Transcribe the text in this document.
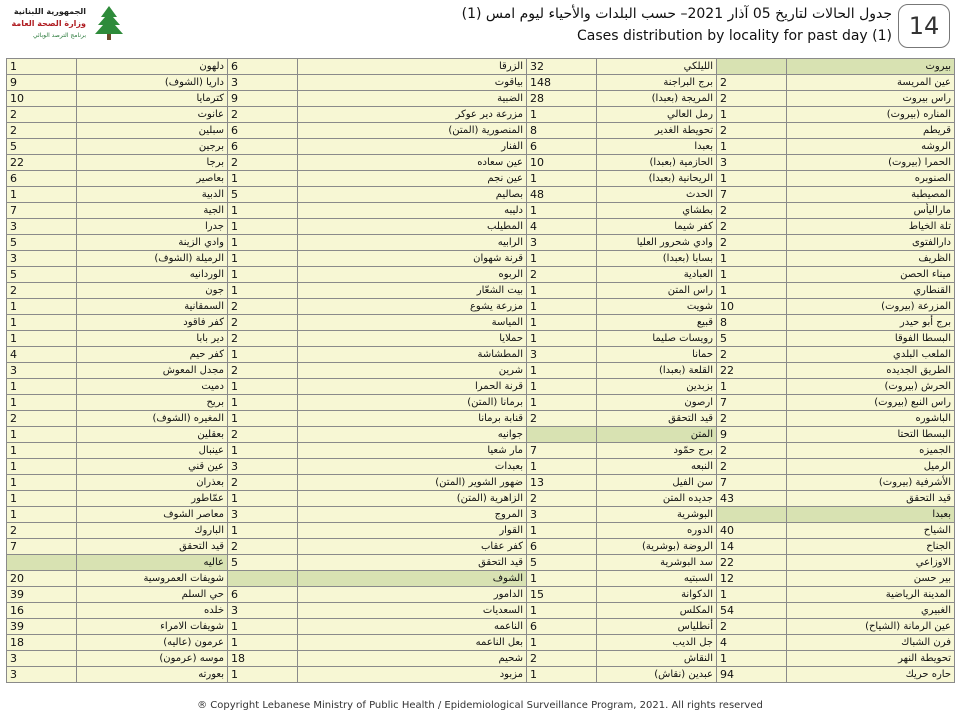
الجمهورية اللبنانية
وزارة الصحة العامة
برنامج الترصد الوبائي
جدول الحالات لتاريخ 05 آذار 2021– حسب البلدات والأحياء ليوم امس (1)
Cases distribution by locality for past day (1) 14
1	دلهون	6	الزرقا	32	الليلكي		بيروت
9	داريا (الشوف)	3	بياقوت	148	برج البراجنة	2	عين المريسة
10	كترمايا	9	الضبية	28	المريجة (بعبدا)	2	راس بيروت
2	عانوت	2	مزرعة دير عوكر	1	رمل العالي	1	المناره (بيروت)
2	سبلين	6	المنصورية (المتن)	8	تحويطة الغدير	2	قريطم
5	برجين	6	الفنار	6	بعبدا	1	الروشه
22	برجا	2	عين سعاده	10	الحازمية (بعبدا)	3	الحمرا (بيروت)
6	بعاصير	1	عين نجم	1	الريحانية (بعبدا)	1	الصنوبره
1	الدبية	5	بصاليم	48	الحدث	7	المصيطبة
7	الجية	1	دليبه	1	بطشاي	2	ماراليأس
3	جدرا	1	المطيلب	4	كفر شيما	2	تلة الخياط
5	وادي الزينة	1	الرابيه	3	وادي شحرور العليا	2	دارالفتوى
3	الرميلة (الشوف)	1	قرنة شهوان	1	بسابا (بعبدا)	1	الظريف
5	الوردانيه	1	الربوه	2	العبادية	1	ميناء الحصن
2	جون	1	بيت الشعّار	1	راس المتن	1	القنطاري
1	السمقانية	2	مزرعة يشوع	1	شويت	10	المزرعة (بيروت)
1	كفر فاقود	2	المياسة	1	قبيع	8	برج أبو حيدر
1	دير بابا	2	حملايا	1	رويسات صليما	5	البسطا الفوقا
4	كفر حيم	1	المطشاشة	3	حمانا	2	الملعب البلدي
3	مجدل المعوش	2	شرين	1	القلعة (بعبدا)	22	الطريق الجديده
1	دميت	1	قرنة الحمرا	1	بزبدين	1	الحرش (بيروت)
1	بريح	1	برمانا (المتن)	1	ارصون	7	راس النبع (بيروت)
2	المغيره (الشوف)	1	قنابة برمانا	2	قيد التحقق	2	الباشوره
1	بعقلين	2	جوانيه		المتن	9	البسطا التحتا
1	عينبال	1	مار شعيا	7	برج حمّود	2	الجميزه
1	عين قني	3	بعبدات	1	النبعه	2	الرميل
1	بعذران	2	ضهور الشوير (المتن)	13	سن الفيل	7	الأشرفية (بيروت)
1	عمّاطور	1	الزاهرية (المتن)	2	جديده المتن	43	قيد التحقق
1	معاصر الشوف	3	المروج	3	البوشرية		بعبدا
2	الباروك	1	القوار	1	الدوره	40	الشياح
7	قيد التحقق	2	كفر عقاب	6	الروضة (بوشرية)	14	الجناح
	عاليه	5	قيد التحقق	5	سد البوشرية	22	الاوزاعي
20	شويفات العمروسية		الشوف	1	السبتيه	12	بير حسن
39	حي السلم	6	الدامور	15	الدكوانة	1	المدينة الرياضية
16	خلده	3	السعديات	1	المكلس	54	الغبيري
39	شويفات الامراء	1	الناعمه	6	أنطلياس	2	عين الرمانة (الشياح)
18	عرمون (عاليه)	1	بعل الناعمه	1	جل الديب	4	فرن الشباك
3	موسه (عرمون)	18	شحيم	2	النقاش	1	تحويطة النهر
3	بعورته	1	مزبود	1	عبدين (نقاش)	94	حاره حريك
® Copyright Lebanese Ministry of Public Health / Epidemiological Surveillance Program, 2021. All rights reserved
